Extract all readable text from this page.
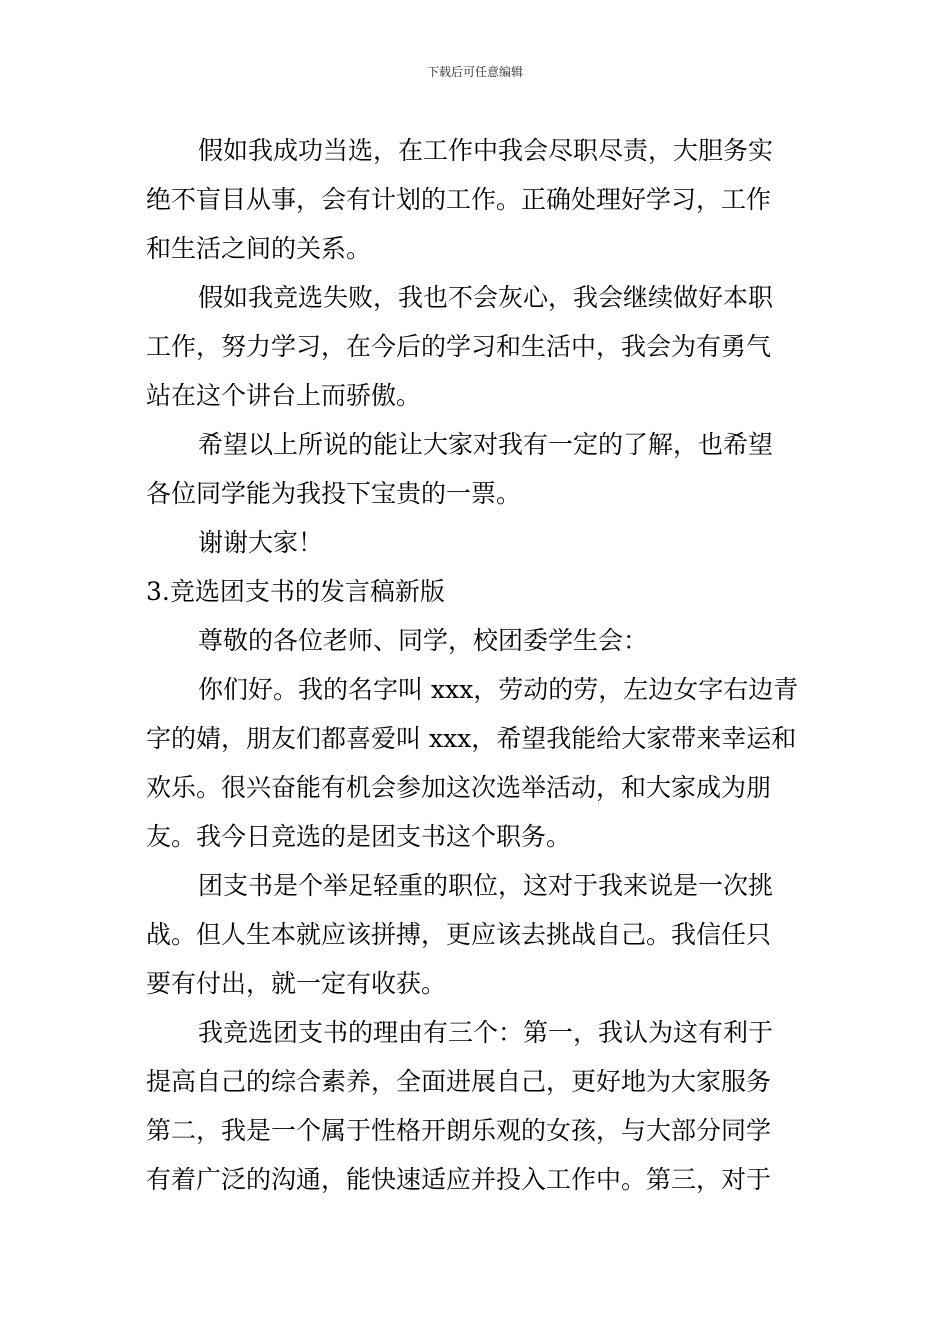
下载后可任意编辑
假如我成功当选，在工作中我会尽职尽责，大胆务实
绝不盲目从事，会有计划的工作。正确处理好学习，工作
和生活之间的关系。
假如我竞选失败，我也不会灰心，我会继续做好本职
工作，努力学习，在今后的学习和生活中，我会为有勇气
站在这个讲台上而骄傲。
希望以上所说的能让大家对我有一定的了解，也希望
各位同学能为我投下宝贵的一票。
谢谢大家！
3.竞选团支书的发言稿新版
尊敬的各位老师、同学，校团委学生会：
你们好。我的名字叫 xxx，劳动的劳，左边女字右边青
字的婧，朋友们都喜爱叫 xxx，希望我能给大家带来幸运和
欢乐。很兴奋能有机会参加这次选举活动，和大家成为朋
友。我今日竞选的是团支书这个职务。
团支书是个举足轻重的职位，这对于我来说是一次挑
战。但人生本就应该拼搏，更应该去挑战自己。我信任只
要有付出，就一定有收获。
我竞选团支书的理由有三个：第一，我认为这有利于
提高自己的综合素养，全面进展自己，更好地为大家服务
第二，我是一个属于性格开朗乐观的女孩，与大部分同学
有着广泛的沟通，能快速适应并投入工作中。第三，对于
